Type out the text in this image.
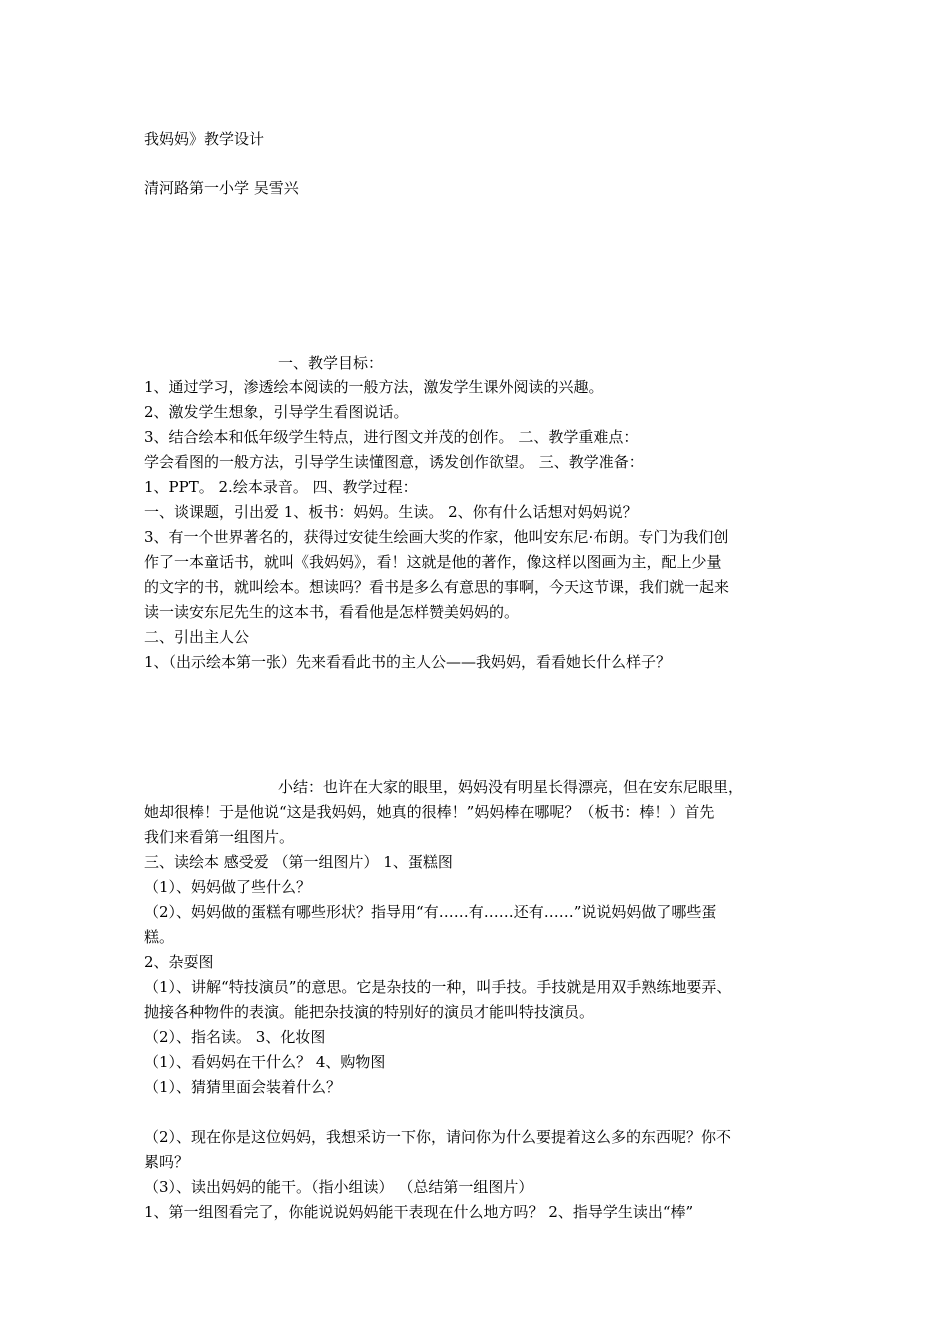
我妈妈》教学设计
清河路第一小学 吴雪兴
一、教学目标：
1、通过学习，渗透绘本阅读的一般方法，激发学生课外阅读的兴趣。
2、激发学生想象，引导学生看图说话。
3、结合绘本和低年级学生特点，进行图文并茂的创作。 二、教学重难点：
学会看图的一般方法，引导学生读懂图意，诱发创作欲望。 三、教学准备：
1、PPT。 2.绘本录音。 四、教学过程：
一、谈课题，引出爱 1、板书：妈妈。生读。 2、你有什么话想对妈妈说？
3、有一个世界著名的，获得过安徒生绘画大奖的作家，他叫安东尼·布朗。专门为我们创
作了一本童话书，就叫《我妈妈》，看！这就是他的著作，像这样以图画为主，配上少量
的文字的书，就叫绘本。想读吗？看书是多么有意思的事啊，今天这节课，我们就一起来
读一读安东尼先生的这本书，看看他是怎样赞美妈妈的。
二、引出主人公
1、（出示绘本第一张）先来看看此书的主人公——我妈妈，看看她长什么样子？
小结：也许在大家的眼里，妈妈没有明星长得漂亮，但在安东尼眼里，
她却很棒！于是他说“这是我妈妈，她真的很棒！”妈妈棒在哪呢？（板书：棒！）首先
我们来看第一组图片。
三、读绘本 感受爱 （第一组图片） 1、蛋糕图
（1）、妈妈做了些什么？
（2）、妈妈做的蛋糕有哪些形状？指导用“有……有……还有……”说说妈妈做了哪些蛋
糕。
2、杂耍图
（1）、讲解“特技演员”的意思。它是杂技的一种，叫手技。手技就是用双手熟练地要弄、
抛接各种物件的表演。能把杂技演的特别好的演员才能叫特技演员。
（2）、指名读。 3、化妆图
（1）、看妈妈在干什么？ 4、购物图
（1）、猜猜里面会装着什么？
（2）、现在你是这位妈妈，我想采访一下你，请问你为什么要提着这么多的东西呢？你不
累吗？
（3）、读出妈妈的能干。（指小组读） （总结第一组图片）
1、第一组图看完了，你能说说妈妈能干表现在什么地方吗？ 2、指导学生读出“棒”
